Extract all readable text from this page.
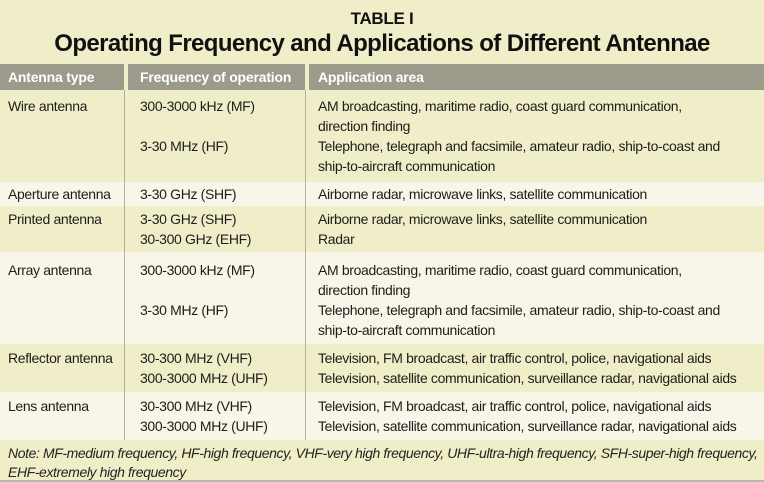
TABLE I
Operating Frequency and Applications of Different Antennae
Antenna type	Frequency of operation	Application area
Wire antenna	300-3000 kHz (MF)	AM broadcasting, maritime radio, coast guard communication,
direction finding
3-30 MHz (HF)	Telephone, telegraph and facsimile, amateur radio, ship-to-coast and
ship-to-aircraft communication
Aperture antenna	3-30 GHz (SHF)	Airborne radar, microwave links, satellite communication
Printed antenna	3-30 GHz (SHF)	Airborne radar, microwave links, satellite communication
30-300 GHz (EHF)	Radar
Array antenna	300-3000 kHz (MF)	AM broadcasting, maritime radio, coast guard communication,
direction finding
3-30 MHz (HF)	Telephone, telegraph and facsimile, amateur radio, ship-to-coast and
ship-to-aircraft communication
Reflector antenna	30-300 MHz (VHF)	Television, FM broadcast, air traffic control, police, navigational aids
300-3000 MHz (UHF)	Television, satellite communication, surveillance radar, navigational aids
Lens antenna	30-300 MHz (VHF)	Television, FM broadcast, air traffic control, police, navigational aids
300-3000 MHz (UHF)	Television, satellite communication, surveillance radar, navigational aids
Note: MF-medium frequency, HF-high frequency, VHF-very high frequency, UHF-ultra-high frequency, SFH-super-high frequency,
EHF-extremely high frequency
